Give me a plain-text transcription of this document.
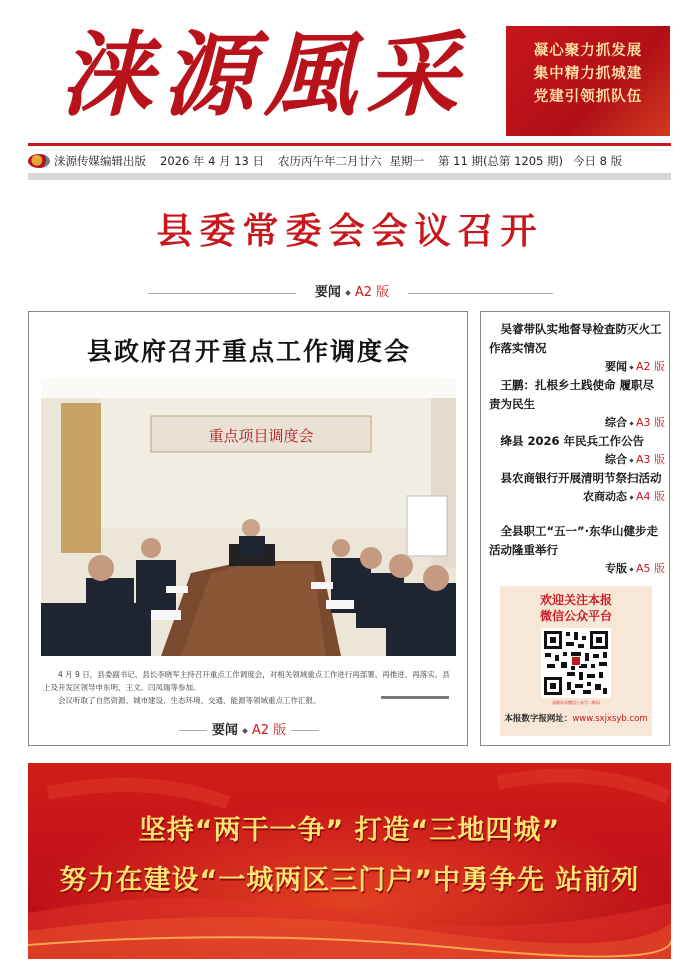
涞源風采	凝心聚力抓发展
集中精力抓城建
党建引领抓队伍
涞源传媒编辑出版 2026 年 4 月 13 日 农历丙午年二月廿六 星期一 第 11 期(总第 1205 期) 今日 8 版
县委常委会会议召开
要闻 A2 版
县政府召开重点工作调度会
重点项目调度会

4 月 9 日，县委副书记、县长李晓军主持召开重点工作调度会，对相关领域重点工作进行再部署、再推进、再落实。县上及开发区领导申东明、王文、闫凤瑞等参加。

会议听取了自然资源、城市建设、生态环境、交通、能源等领域重点工作汇报。

要闻 A2 版
吴睿带队实地督导检查防灭火工作落实情况
要闻 A2 版
王鹏：扎根乡土践使命 履职尽责为民生
综合 A3 版
绛县 2026 年民兵工作公告
综合 A3 版
县农商银行开展清明节祭扫活动
农商动态 A4 版
全县职工“五一”·东华山健步走活动隆重举行
专版 A5 版
欢迎关注本报
微信公众平台
涞源风采微信公众号二维码
本报数字报网址：www.sxjxsyb.com
坚持“两干一争” 打造“三地四城”
努力在建设“一城两区三门户”中勇争先 站前列
